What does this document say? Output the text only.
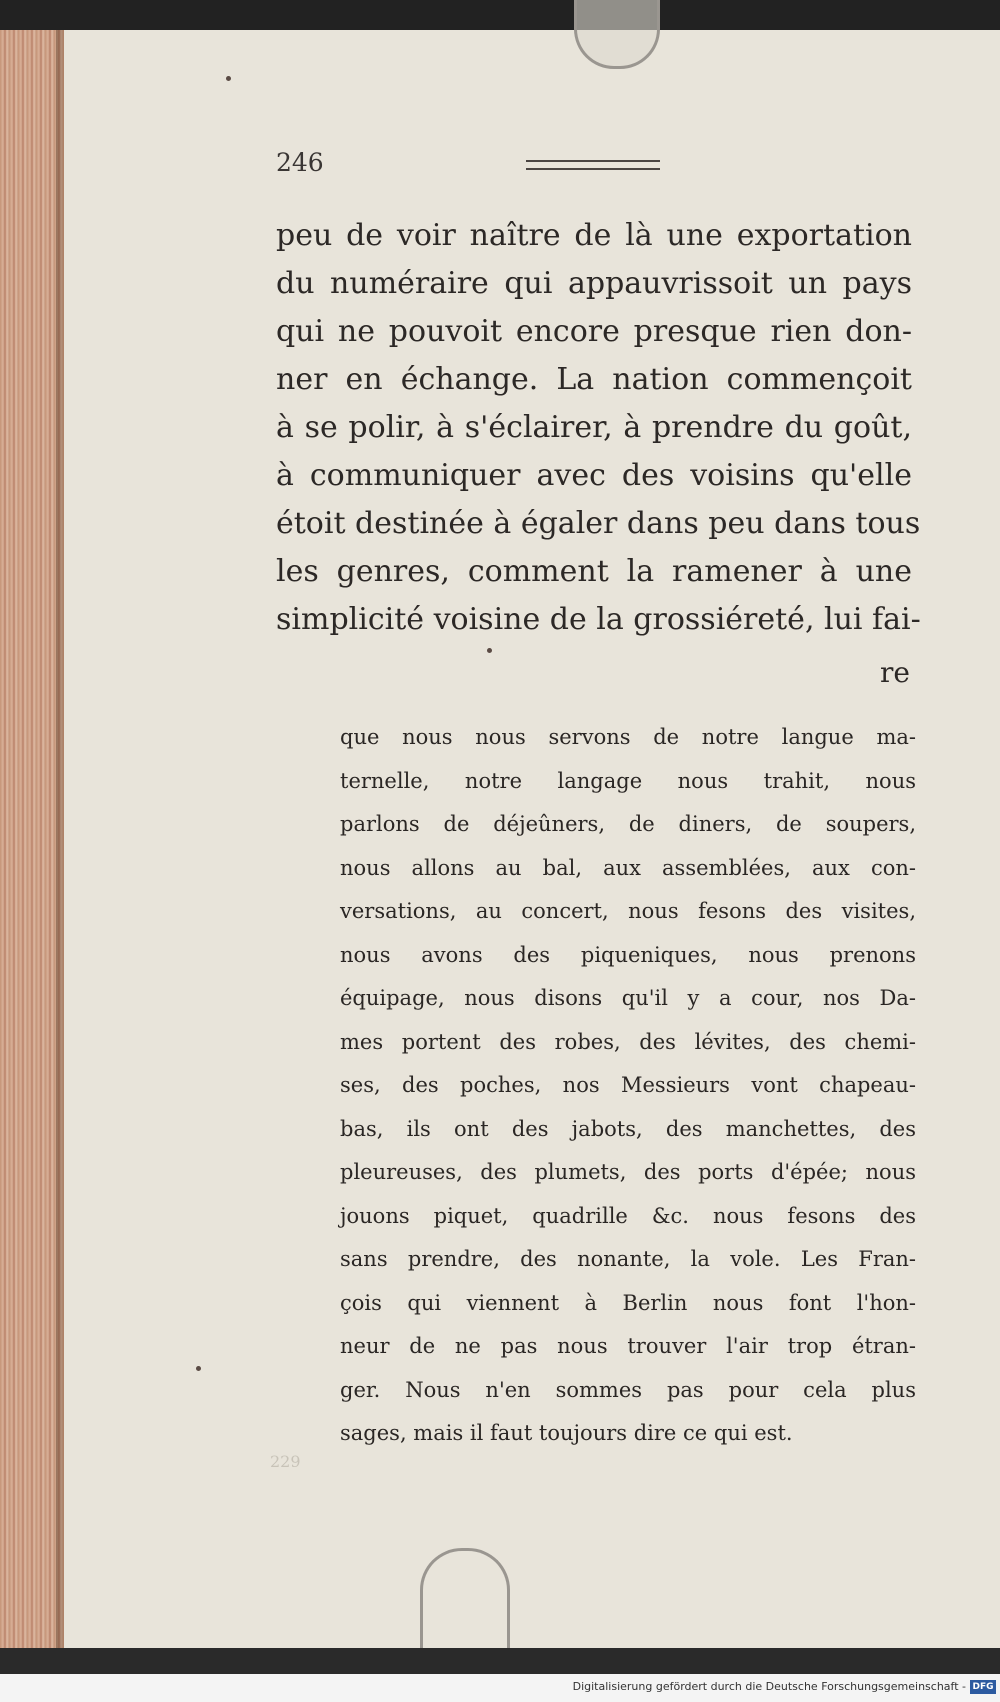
246
peu de voir naître de là une exportation
du numéraire qui appauvrissoit un pays
qui ne pouvoit encore presque rien don-
ner en échange. La nation commençoit
à se polir, à s'éclairer, à prendre du goût,
à communiquer avec des voisins qu'elle
étoit destinée à égaler dans peu dans tous
les genres, comment la ramener à une
simplicité voisine de la grossiéreté, lui fai-
re
que nous nous servons de notre langue ma-
ternelle, notre langage nous trahit, nous
parlons de déjeûners, de diners, de soupers,
nous allons au bal, aux assemblées, aux con-
versations, au concert, nous fesons des visites,
nous avons des piqueniques, nous prenons
équipage, nous disons qu'il y a cour, nos Da-
mes portent des robes, des lévites, des chemi-
ses, des poches, nos Messieurs vont chapeau-
bas, ils ont des jabots, des manchettes, des
pleureuses, des plumets, des ports d'épée; nous
jouons piquet, quadrille &c. nous fesons des
sans prendre, des nonante, la vole. Les Fran-
çois qui viennent à Berlin nous font l'hon-
neur de ne pas nous trouver l'air trop étran-
ger. Nous n'en sommes pas pour cela plus
sages, mais il faut toujours dire ce qui est.
229
Digitalisierung gefördert durch die Deutsche Forschungsgemeinschaft - DFG
